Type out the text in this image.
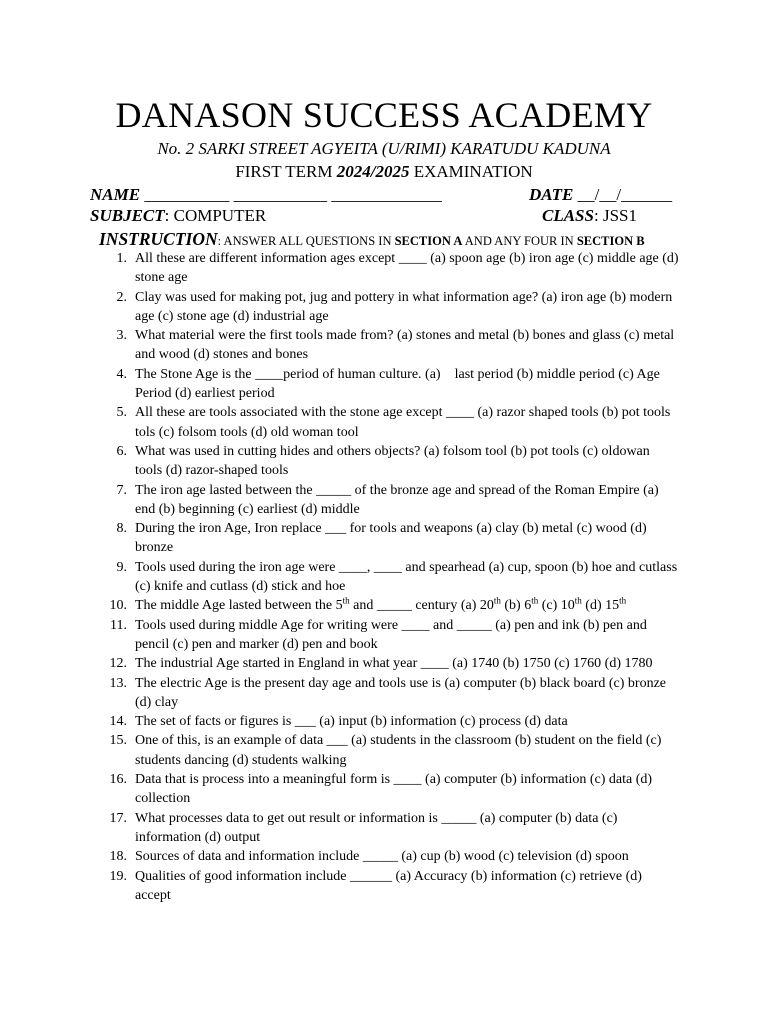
DANASON SUCCESS ACADEMY
No. 2 SARKI STREET AGYEITA (U/RIMI) KARATUDU KADUNA
FIRST TERM 2024/2025 EXAMINATION
NAME __________ ___________ _____________	DATE __/__/______
SUBJECT: COMPUTER	CLASS: JSS1
INSTRUCTION: ANSWER ALL QUESTIONS IN SECTION A AND ANY FOUR IN SECTION B
1. All these are different information ages except ____ (a) spoon age (b) iron age (c) middle age (d) stone age
2. Clay was used for making pot, jug and pottery in what information age? (a) iron age (b) modern age (c) stone age (d) industrial age
3. What material were the first tools made from? (a) stones and metal (b) bones and glass (c) metal and wood (d) stones and bones
4. The Stone Age is the ____period of human culture. (a)    last period (b) middle period (c) Age Period (d) earliest period
5. All these are tools associated with the stone age except ____ (a) razor shaped tools (b) pot tools tols (c) folsom tools (d) old woman tool
6. What was used in cutting hides and others objects? (a) folsom tool (b) pot tools (c) oldowan tools (d) razor-shaped tools
7. The iron age lasted between the _____ of the bronze age and spread of the Roman Empire (a) end (b) beginning (c) earliest (d) middle
8. During the iron Age, Iron replace ___ for tools and weapons (a) clay (b) metal (c) wood (d) bronze
9. Tools used during the iron age were ____, ____ and spearhead (a) cup, spoon (b) hoe and cutlass (c) knife and cutlass (d) stick and hoe
10. The middle Age lasted between the 5th and _____ century (a) 20th (b) 6th (c) 10th (d) 15th
11. Tools used during middle Age for writing were ____ and _____ (a) pen and ink (b) pen and pencil (c) pen and marker (d) pen and book
12. The industrial Age started in England in what year ____ (a) 1740 (b) 1750 (c) 1760 (d) 1780
13. The electric Age is the present day age and tools use is (a) computer (b) black board (c) bronze (d) clay
14. The set of facts or figures is ___ (a) input (b) information (c) process (d) data
15. One of this, is an example of data ___ (a) students in the classroom (b) student on the field (c) students dancing (d) students walking
16. Data that is process into a meaningful form is ____ (a) computer (b) information (c) data (d) collection
17. What processes data to get out result or information is _____ (a) computer (b) data (c) information (d) output
18. Sources of data and information include _____ (a) cup (b) wood (c) television (d) spoon
19. Qualities of good information include ______ (a) Accuracy (b) information (c) retrieve (d) accept
